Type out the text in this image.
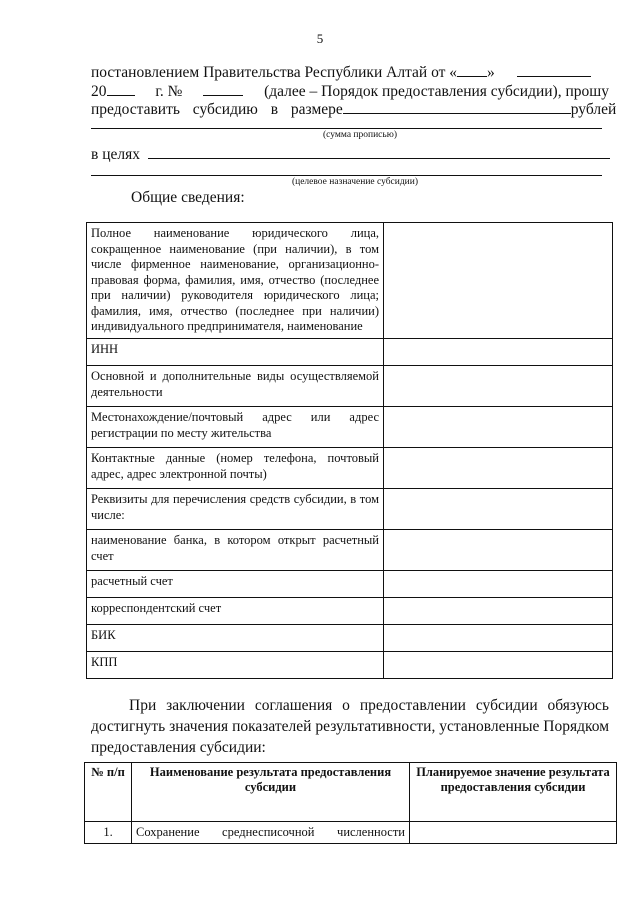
5
постановлением Правительства Республики Алтай от « »
20	г. №	(далее – Порядок предоставления субсидии), прошу
предоставить субсидию в размере	рублей
(сумма прописью)
в целях
(целевое назначение субсидии)
Общие сведения:
Полное наименование юридического лица, сокращенное наименование (при наличии), в том числе фирменное наименование, организационно-правовая форма, фамилия, имя, отчество (последнее при наличии) руководителя юридического лица; фамилия, имя, отчество (последнее при наличии) индивидуального предпринимателя, наименование	
ИНН	
Основной и дополнительные виды осуществляемой деятельности	
Местонахождение/почтовый адрес или адрес регистрации по месту жительства	
Контактные данные (номер телефона, почтовый адрес, адрес электронной почты)	
Реквизиты для перечисления средств субсидии, в том числе:	
наименование банка, в котором открыт расчетный счет	
расчетный счет	
корреспондентский счет	
БИК	
КПП	
При заключении соглашения о предоставлении субсидии обязуюсь достигнуть значения показателей результативности, установленные Порядком предоставления субсидии:
№ п/п	Наименование результата предоставления субсидии	Планируемое значение результата предоставления субсидии
1.	Сохранение среднесписочной численности	
